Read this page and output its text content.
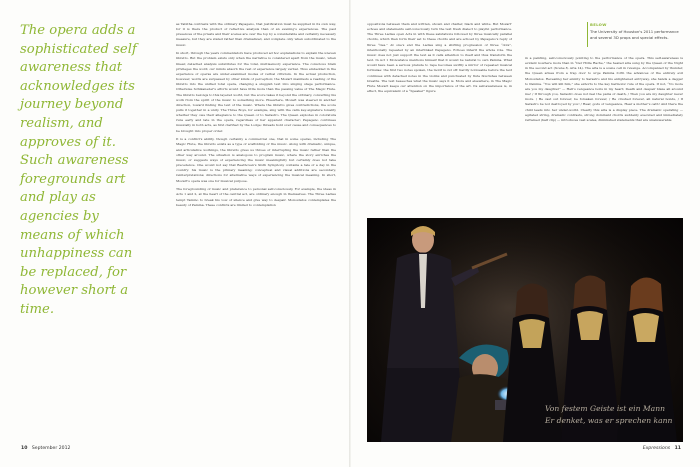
The opera adds a sophisticated self awareness that acknowledges its journey beyond realism, and approves of it. Such awareness foregrounds art and play as agencies by means of which unhappiness can be replaced, for however short a time.

as Tabitha contrasts with the ordinary Papageno, that justification must be supplied in its own way, for it is there the product of reflective analysis than of an evening's experiences. The past presences of the priests and their scenes are over the top by a considerable and certainly necessary measure, but they are stated rather than dramatized, and complete only when subordinated to the music.

In short, through the years commentators have produced ad hoc explanations to explain the uneven libretto. But the problem exists only when the narrative is considered apart from the music, when linear, detached analysis substitutes for the total, multisensory experience. The conscious brain privileges the word; our minds absorb the rest of experience largely verbal. Thus embedded in the experience of operas are under-examined modes of verbal criticism. In the actual production, however, words are surpassed by other kinds of perception; the Mozart manifests a reading of the libretto into the unified total opera, changing a sluggish text into singing stage performance. Otherwise Schikaneder's efforts would have little more than the passing value of The Magic Flute. The libretto belongs to this layered world, but the score takes it beyond the ordinary, converting his work from the spirit of the music to something more. Elsewhere, Mozart was steered in another direction, toward finding the text of the music. Where the libretto gives contradictions, the score pulls it together in a unity. The Three Boys, for example, sing with the calm key-signature tonality whether they owe their allegiance to the Queen or to Sarastro. The Queen explodes in coloratura runs early and late in the opera, regardless of her apparent character; Papageno continues musically in both acts, as first clarified by the Lodge; threads hold over cause and consequences to be brought into proper order.

It is a conflict's ability, though certainly a commercial one, that in some operas, including The Magic Flute, the libretto exists as a type of scaffolding of the music. Along with dramatic, unique, and articulative workings, the libretto gives us throes of interrupting the music rather than the other way around. The situation is analogous to program music, where the story enriches the music, or suggests ways of experiencing the music meaningfully but certainly does not take precedence. One would not say that Beethoven's Sixth Symphony contains a tale of a day in the country: his music is the primary meaning; conceptual and visual additions are secondary, reinterpretations; directions for alternative ways of experiencing the musical meaning. In short, Mozart's opera was one for musical purpose.

The foregrounding of music and preference to personal self-consciously, For example, the ideas in Acts 1 and 2, at the heart of the central act, are ordinary enough in themselves. The Three Ladies tempt Tamino to break his vow of silence and give way to despair. Monostatos contemplates the beauty of Pamina. These conflicts are limited to contemplation

oppositions between them and written, shown and chatter, black and white. But Mozart' echoes and statements self-consciously turn the text fresh dialect to playful performance. The Three Ladies open Acts in with these salutations followed by three musically parallel chords, which then form their set to these chords and are echoed by Papageno's reply of three “ties.” At one's end the Ladies sing a shifting progression of three “dots”, intentionally repeated by an interlinked Papageno. Echoes inherit the whole role. The music does not just support the text as it calls attention to itself and thus transform the text. In Act 1 Monostatos mentions himself that it would be natural to own Pamina. What would have been a serious prelude to rape becomes swiftly a mirror of repeated musical formulae: the first two notes spoken, the motif is cut off: hardly noticeable before the text continues with detached notes in the violins and punctuated by flute flourishes between breaths. The text beseeches what the music says it is. More and elsewhere, in The Magic Flute Mozart keeps our attention on the importance of the art. Its self-awareness is, in effect, the equivalent of a “Speaker” figure

BELOW
The University of Houston's 2011 performance and several 3D props and special effects.

in a painting, self-consciously pointing to the performance of the opera. This self-awareness is evident nowhere more than in “Der Hölle Rache,” the heated aria sung by the Queen of the Night in the second act (Scene 8, Aria 14). The aria is a scene cell in revenge. Accompanied by thunder, the Queen arises from a trap door to urge Pamina forth the advances of the entirely evil Monostatos. Revealing her enmity to Sarastro and his enlightened entryway, she hands a dagger to Pamina. “You will kill him,” she exhorts to the key harmonic rule of the opera. If not, “No more are you my daughter” — Hell’s vengeance boils in my heart; Death and despair blaze all around me! / If through you, Sarastro does not feel the pains of death, / Then you are my daughter never more. / Be cast out forever, be forsaken forever, / Be crushed forever, all natural bonds, / If Sarastro be not destroyed by you! / Hear, gods of vengeance, Hear a mother’s oath! And there the child leads into her under-world. Clearly this aria is a display piece. The dramatic operating — agitated string, dramatic contrasts, strong dominant chords suddenly executed and immediately reframed (half clip) — introduces vast scales, diminished statements that are unanswerable

Von festem Geiste ist ein Mann
Er denket, was er sprechen kann
10 September 2012	Expressions 11
